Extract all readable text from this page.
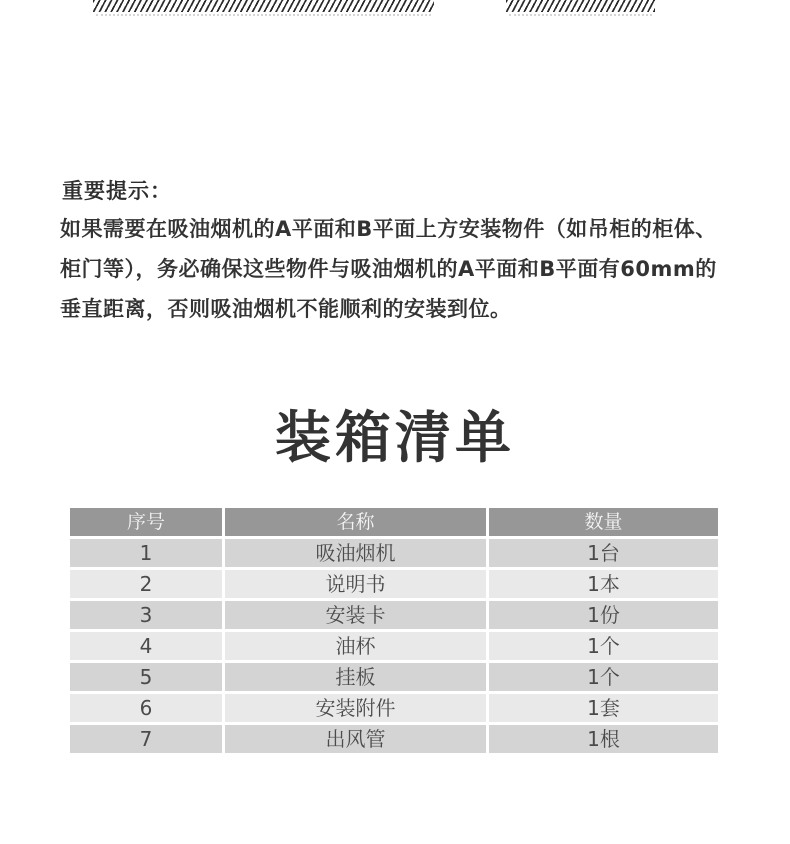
重要提示：
如果需要在吸油烟机的A平面和B平面上方安装物件（如吊柜的柜体、
柜门等），务必确保这些物件与吸油烟机的A平面和B平面有60mm的
垂直距离，否则吸油烟机不能顺利的安装到位。
装箱清单
序号	名称	数量
1	吸油烟机	1台
2	说明书	1本
3	安装卡	1份
4	油杯	1个
5	挂板	1个
6	安装附件	1套
7	出风管	1根
